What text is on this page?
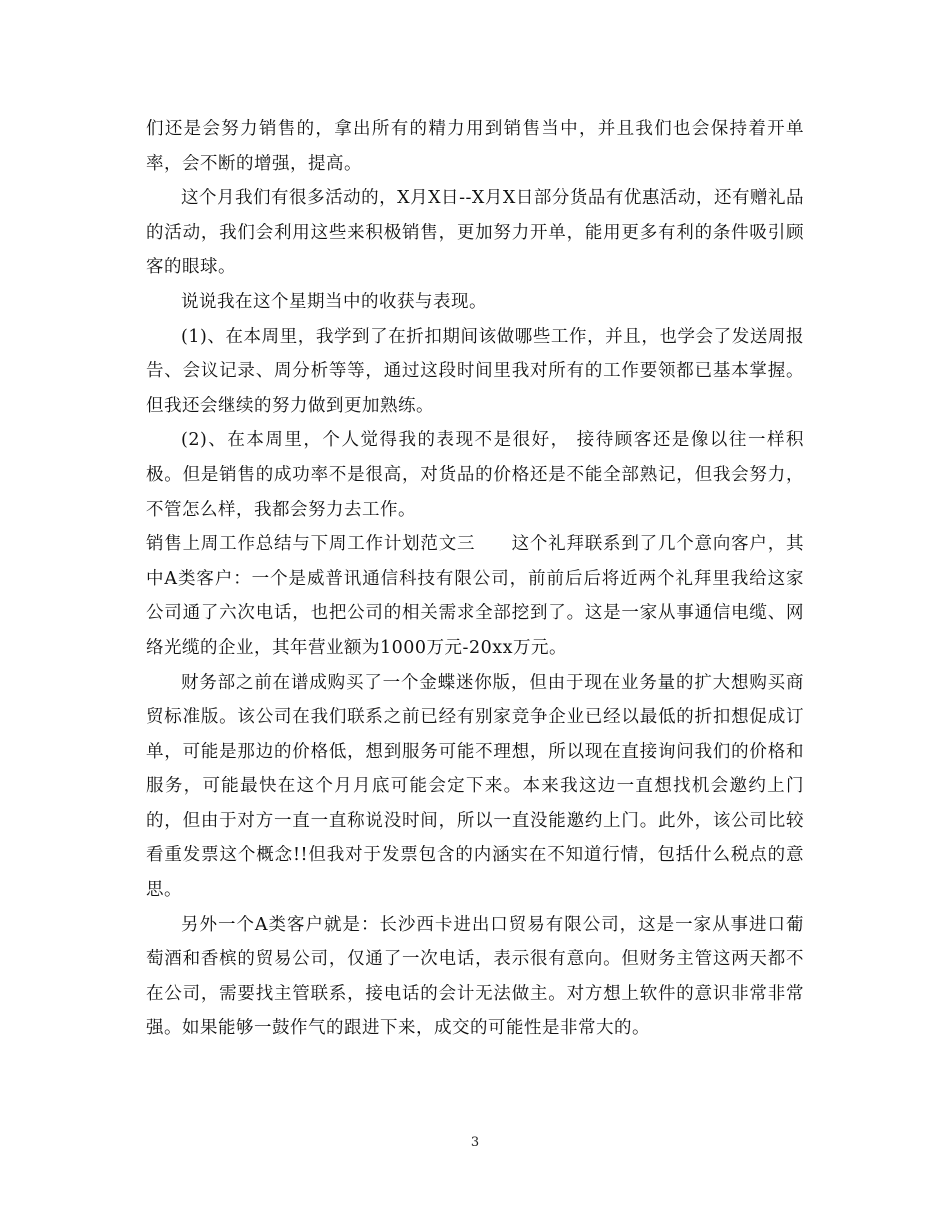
们还是会努力销售的，拿出所有的精力用到销售当中，并且我们也会保持着开单率，会不断的增强，提高。

这个月我们有很多活动的，X月X日--X月X日部分货品有优惠活动，还有赠礼品的活动，我们会利用这些来积极销售，更加努力开单，能用更多有利的条件吸引顾客的眼球。

说说我在这个星期当中的收获与表现。

(1)、在本周里，我学到了在折扣期间该做哪些工作，并且，也学会了发送周报告、会议记录、周分析等等，通过这段时间里我对所有的工作要领都已基本掌握。但我还会继续的努力做到更加熟练。

(2)、在本周里，个人觉得我的表现不是很好， 接待顾客还是像以往一样积极。但是销售的成功率不是很高，对货品的价格还是不能全部熟记，但我会努力，不管怎么样，我都会努力去工作。

销售上周工作总结与下周工作计划范文三 这个礼拜联系到了几个意向客户，其中A类客户：一个是威普讯通信科技有限公司，前前后后将近两个礼拜里我给这家公司通了六次电话，也把公司的相关需求全部挖到了。这是一家从事通信电缆、网络光缆的企业，其年营业额为1000万元-20xx万元。

财务部之前在谱成购买了一个金蝶迷你版，但由于现在业务量的扩大想购买商贸标准版。该公司在我们联系之前已经有别家竞争企业已经以最低的折扣想促成订单，可能是那边的价格低，想到服务可能不理想，所以现在直接询问我们的价格和服务，可能最快在这个月月底可能会定下来。本来我这边一直想找机会邀约上门的，但由于对方一直一直称说没时间，所以一直没能邀约上门。此外，该公司比较看重发票这个概念!!但我对于发票包含的内涵实在不知道行情，包括什么税点的意思。

另外一个A类客户就是：长沙西卡进出口贸易有限公司，这是一家从事进口葡萄酒和香槟的贸易公司，仅通了一次电话，表示很有意向。但财务主管这两天都不在公司，需要找主管联系，接电话的会计无法做主。对方想上软件的意识非常非常强。如果能够一鼓作气的跟进下来，成交的可能性是非常大的。

3
